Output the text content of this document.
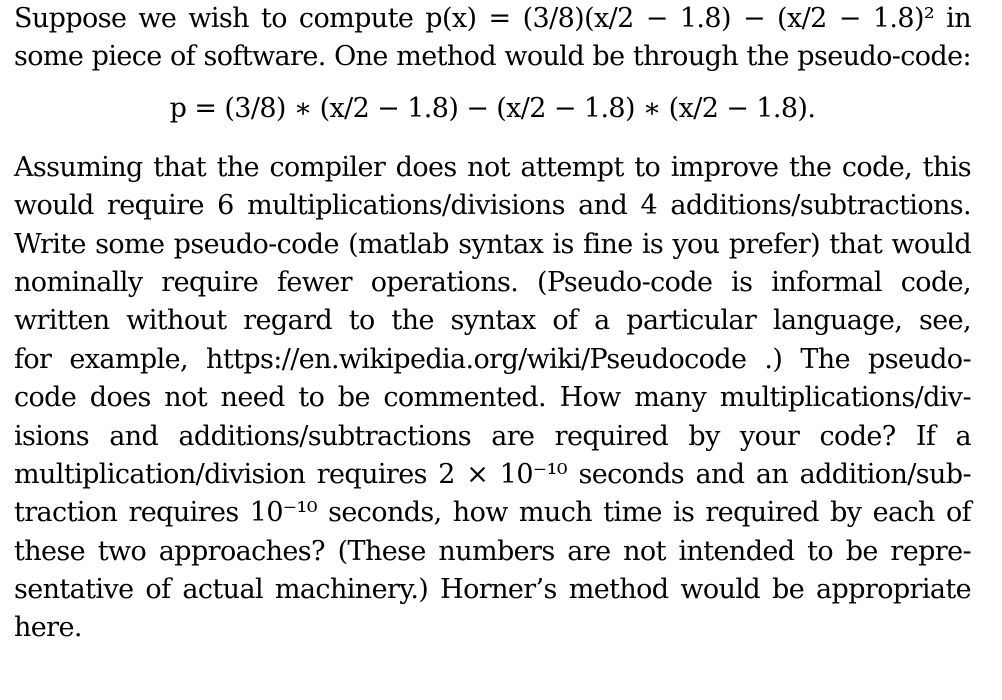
Suppose we wish to compute p(x) = (3/8)(x/2 − 1.8) − (x/2 − 1.8)² in
some piece of software. One method would be through the pseudo-code:
p = (3/8) ∗ (x/2 − 1.8) − (x/2 − 1.8) ∗ (x/2 − 1.8).
Assuming that the compiler does not attempt to improve the code, this
would require 6 multiplications/divisions and 4 additions/subtractions.
Write some pseudo-code (matlab syntax is fine is you prefer) that would
nominally require fewer operations. (Pseudo-code is informal code,
written without regard to the syntax of a particular language, see,
for example, https://en.wikipedia.org/wiki/Pseudocode .) The pseudo-
code does not need to be commented. How many multiplications/div-
isions and additions/subtractions are required by your code? If a
multiplication/division requires 2 × 10⁻¹⁰ seconds and an addition/sub-
traction requires 10⁻¹⁰ seconds, how much time is required by each of
these two approaches? (These numbers are not intended to be repre-
sentative of actual machinery.) Horner’s method would be appropriate
here.
